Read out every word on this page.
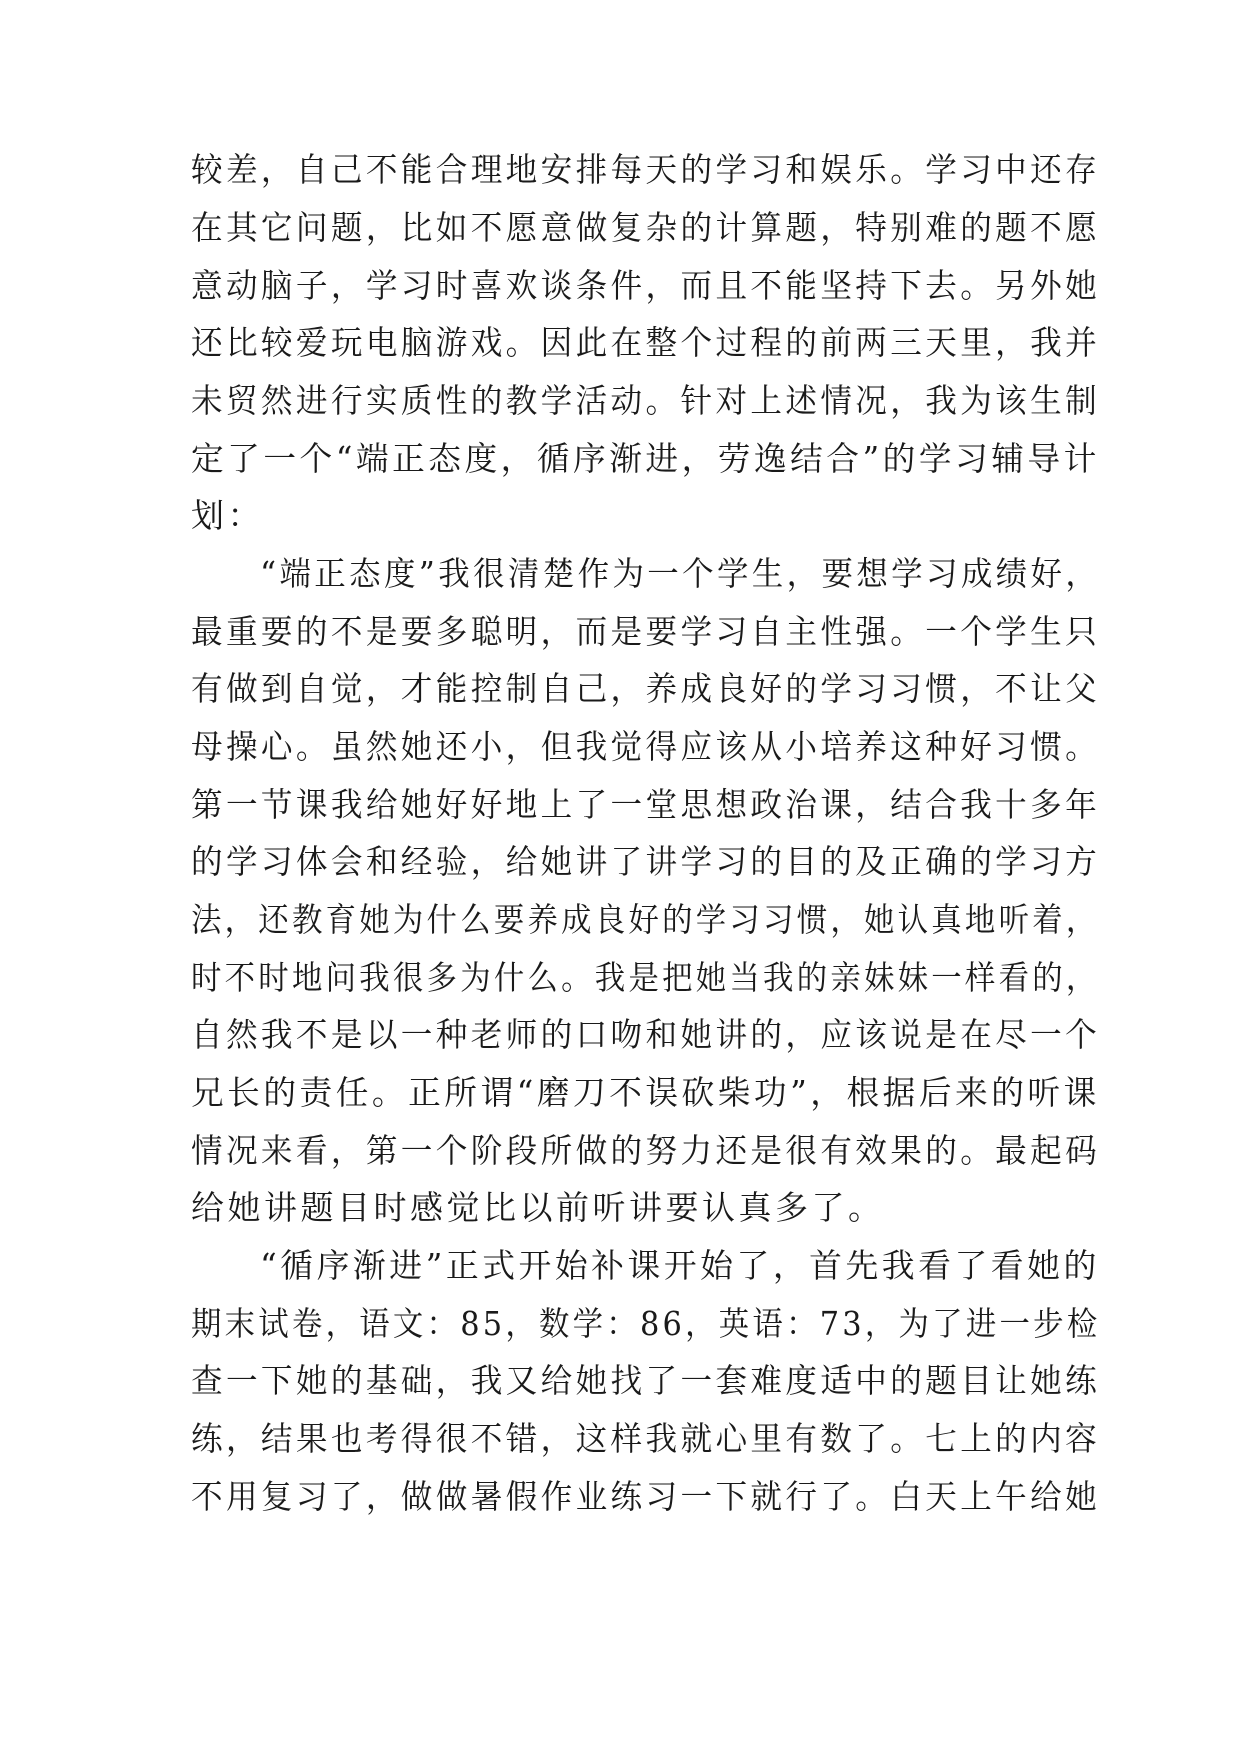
较差，自己不能合理地安排每天的学习和娱乐。学习中还存
在其它问题，比如不愿意做复杂的计算题，特别难的题不愿
意动脑子，学习时喜欢谈条件，而且不能坚持下去。另外她
还比较爱玩电脑游戏。因此在整个过程的前两三天里，我并
未贸然进行实质性的教学活动。针对上述情况，我为该生制
定了一个“端正态度，循序渐进，劳逸结合”的学习辅导计
划：
“端正态度”我很清楚作为一个学生，要想学习成绩好，
最重要的不是要多聪明，而是要学习自主性强。一个学生只
有做到自觉，才能控制自己，养成良好的学习习惯，不让父
母操心。虽然她还小，但我觉得应该从小培养这种好习惯。
第一节课我给她好好地上了一堂思想政治课，结合我十多年
的学习体会和经验，给她讲了讲学习的目的及正确的学习方
法，还教育她为什么要养成良好的学习习惯，她认真地听着，
时不时地问我很多为什么。我是把她当我的亲妹妹一样看的，
自然我不是以一种老师的口吻和她讲的，应该说是在尽一个
兄长的责任。正所谓“磨刀不误砍柴功”，根据后来的听课
情况来看，第一个阶段所做的努力还是很有效果的。最起码
给她讲题目时感觉比以前听讲要认真多了。
“循序渐进”正式开始补课开始了，首先我看了看她的
期末试卷，语文：85，数学：86，英语：73，为了进一步检
查一下她的基础，我又给她找了一套难度适中的题目让她练
练，结果也考得很不错，这样我就心里有数了。七上的内容
不用复习了，做做暑假作业练习一下就行了。白天上午给她
